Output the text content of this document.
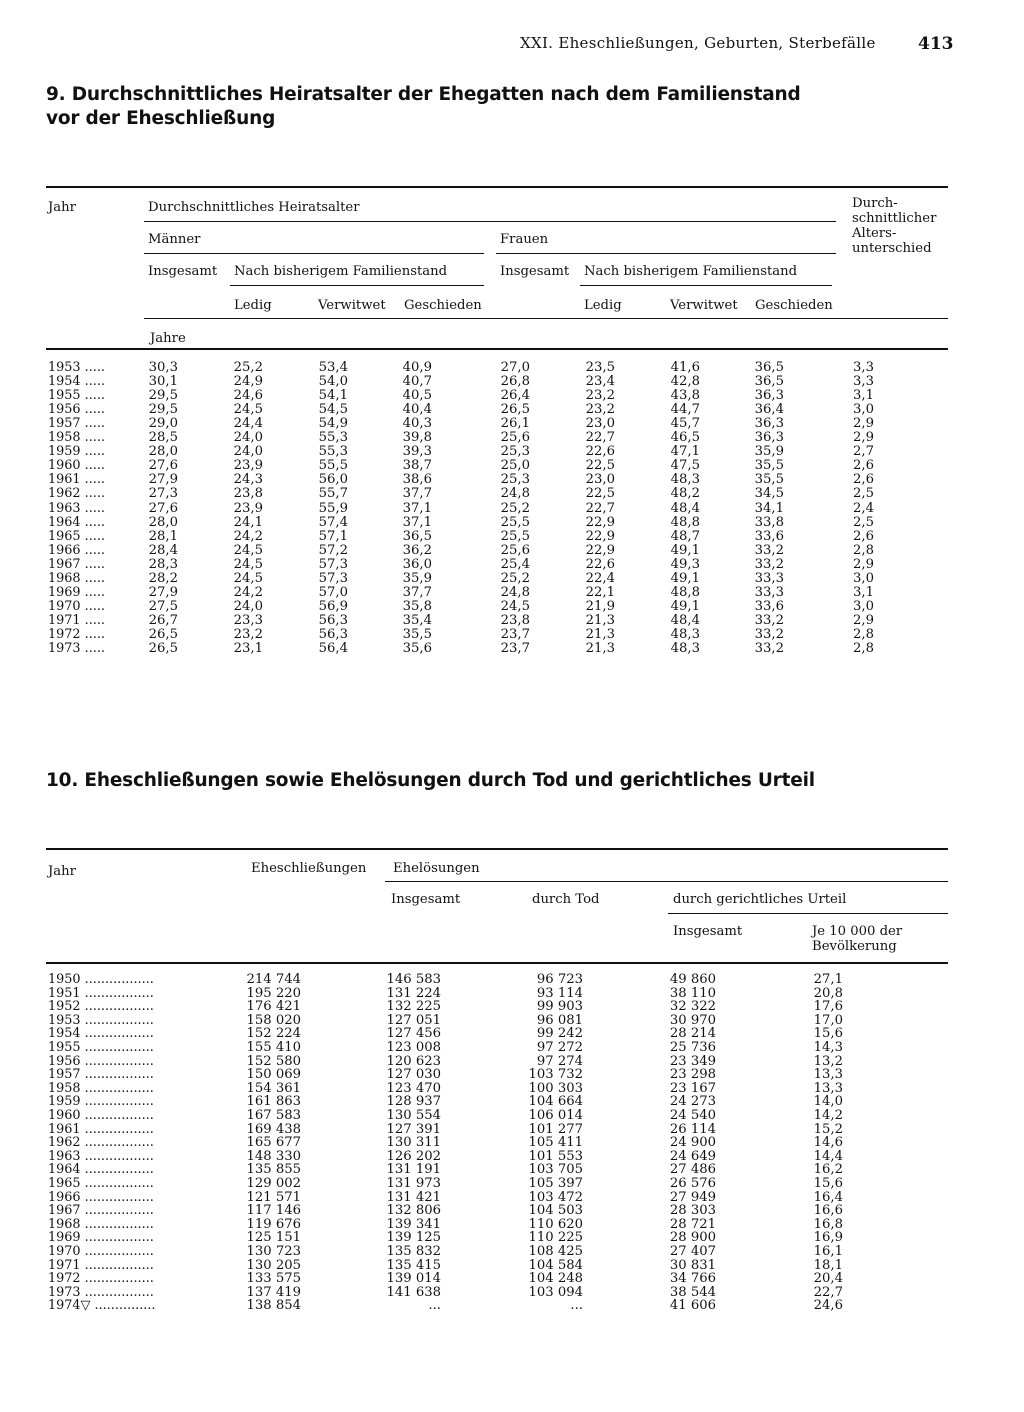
XXI. Eheschließungen, Geburten, Sterbefälle 413
9. Durchschnittliches Heiratsalter der Ehegatten nach dem Familienstand
vor der Eheschließung
Jahr	Durchschnittliches Heiratsalter	Durch-
schnittlicher
Alters-
unterschied
Männer	Frauen
Insgesamt Nach bisherigem Familienstand	Insgesamt Nach bisherigem Familienstand
Ledig	Verwitwet Geschieden	Ledig	Verwitwet Geschieden
Jahre
1953 .....	30,3	25,2	53,4	40,9	27,0	23,5	41,6	36,5	3,3
1954 .....	30,1	24,9	54,0	40,7	26,8	23,4	42,8	36,5	3,3
1955 .....	29,5	24,6	54,1	40,5	26,4	23,2	43,8	36,3	3,1
1956 .....	29,5	24,5	54,5	40,4	26,5	23,2	44,7	36,4	3,0
1957 .....	29,0	24,4	54,9	40,3	26,1	23,0	45,7	36,3	2,9
1958 .....	28,5	24,0	55,3	39,8	25,6	22,7	46,5	36,3	2,9
1959 .....	28,0	24,0	55,3	39,3	25,3	22,6	47,1	35,9	2,7
1960 .....	27,6	23,9	55,5	38,7	25,0	22,5	47,5	35,5	2,6
1961 .....	27,9	24,3	56,0	38,6	25,3	23,0	48,3	35,5	2,6
1962 .....	27,3	23,8	55,7	37,7	24,8	22,5	48,2	34,5	2,5
1963 .....	27,6	23,9	55,9	37,1	25,2	22,7	48,4	34,1	2,4
1964 .....	28,0	24,1	57,4	37,1	25,5	22,9	48,8	33,8	2,5
1965 .....	28,1	24,2	57,1	36,5	25,5	22,9	48,7	33,6	2,6
1966 .....	28,4	24,5	57,2	36,2	25,6	22,9	49,1	33,2	2,8
1967 .....	28,3	24,5	57,3	36,0	25,4	22,6	49,3	33,2	2,9
1968 .....	28,2	24,5	57,3	35,9	25,2	22,4	49,1	33,3	3,0
1969 .....	27,9	24,2	57,0	37,7	24,8	22,1	48,8	33,3	3,1
1970 .....	27,5	24,0	56,9	35,8	24,5	21,9	49,1	33,6	3,0
1971 .....	26,7	23,3	56,3	35,4	23,8	21,3	48,4	33,2	2,9
1972 .....	26,5	23,2	56,3	35,5	23,7	21,3	48,3	33,2	2,8
1973 .....	26,5	23,1	56,4	35,6	23,7	21,3	48,3	33,2	2,8
10. Eheschließungen sowie Ehelösungen durch Tod und gerichtliches Urteil
Jahr	Eheschließungen Ehelösungen
Insgesamt	durch Tod	durch gerichtliches Urteil
Insgesamt	Je 10 000 der
Bevölkerung
1950 .................	214 744	146 583	96 723	49 860	27,1
1951 .................	195 220	131 224	93 114	38 110	20,8
1952 .................	176 421	132 225	99 903	32 322	17,6
1953 .................	158 020	127 051	96 081	30 970	17,0
1954 .................	152 224	127 456	99 242	28 214	15,6
1955 .................	155 410	123 008	97 272	25 736	14,3
1956 .................	152 580	120 623	97 274	23 349	13,2
1957 .................	150 069	127 030	103 732	23 298	13,3
1958 .................	154 361	123 470	100 303	23 167	13,3
1959 .................	161 863	128 937	104 664	24 273	14,0
1960 .................	167 583	130 554	106 014	24 540	14,2
1961 .................	169 438	127 391	101 277	26 114	15,2
1962 .................	165 677	130 311	105 411	24 900	14,6
1963 .................	148 330	126 202	101 553	24 649	14,4
1964 .................	135 855	131 191	103 705	27 486	16,2
1965 .................	129 002	131 973	105 397	26 576	15,6
1966 .................	121 571	131 421	103 472	27 949	16,4
1967 .................	117 146	132 806	104 503	28 303	16,6
1968 .................	119 676	139 341	110 620	28 721	16,8
1969 .................	125 151	139 125	110 225	28 900	16,9
1970 .................	130 723	135 832	108 425	27 407	16,1
1971 .................	130 205	135 415	104 584	30 831	18,1
1972 .................	133 575	139 014	104 248	34 766	20,4
1973 .................	137 419	141 638	103 094	38 544	22,7
1974▽ ...............	138 854	...	...	41 606	24,6
